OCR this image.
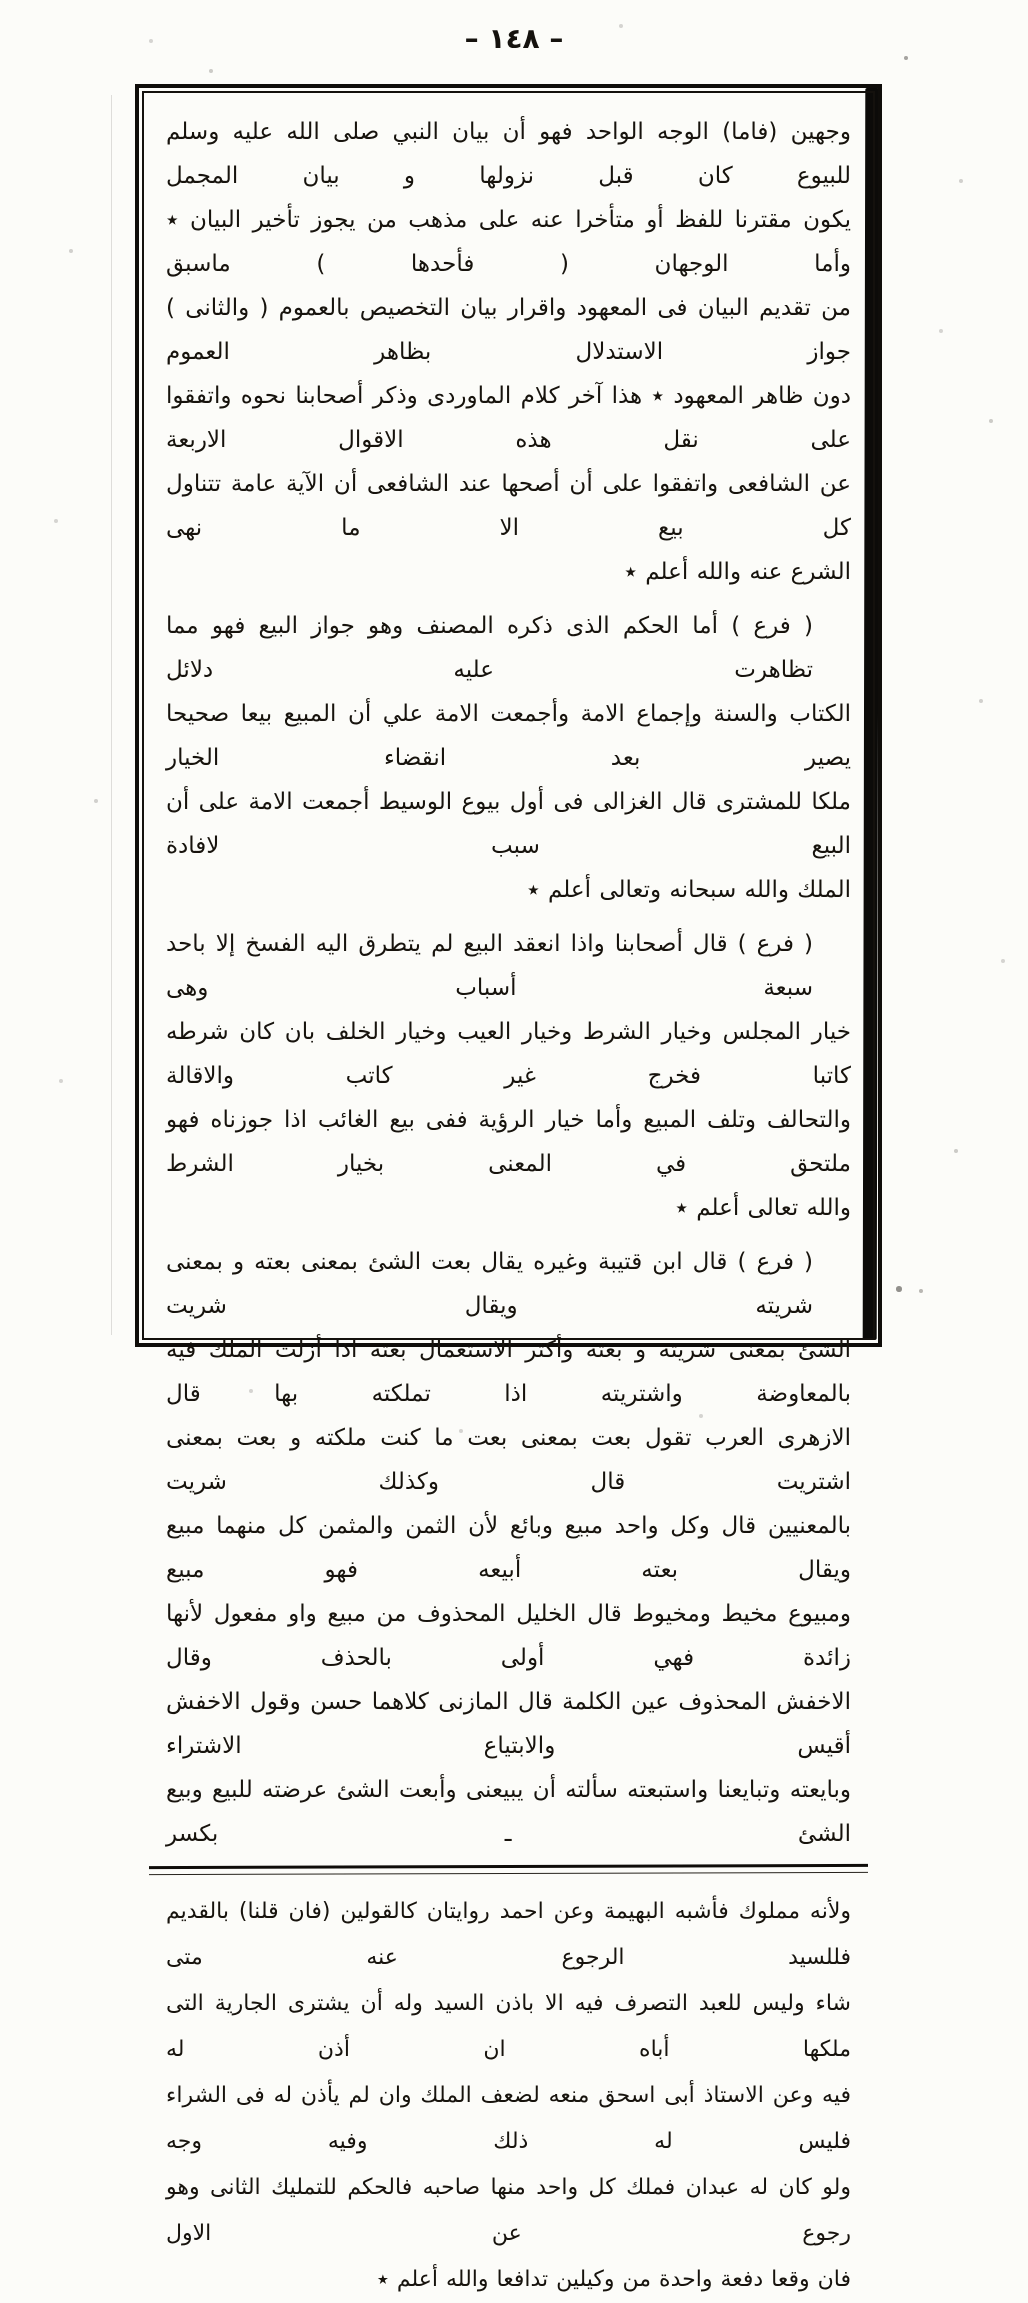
– ١٤٨ –
وجهين (فاما) الوجه الواحد فهو أن بيان النبي صلى الله عليه وسلم للبيوع كان قبل نزولها و بيان المجمل
يكون مقترنا للفظ أو متأخرا عنه على مذهب من يجوز تأخير البيان ٭ وأما الوجهان ( فأحدها ) ماسبق
من تقديم البيان فى المعهود واقرار بيان التخصيص بالعموم ( والثانى ) جواز الاستدلال بظاهر العموم
دون ظاهر المعهود ٭ هذا آخر كلام الماوردى وذكر أصحابنا نحوه واتفقوا على نقل هذه الاقوال الاربعة
عن الشافعى واتفقوا على أن أصحها عند الشافعى أن الآية عامة تتناول كل بيع الا ما نهى
الشرع عنه والله أعلم ٭
( فرع ) أما الحكم الذى ذكره المصنف وهو جواز البيع فهو مما تظاهرت عليه دلائل
الكتاب والسنة وإجماع الامة وأجمعت الامة علي أن المبيع بيعا صحيحا يصير بعد انقضاء الخيار
ملكا للمشترى قال الغزالى فى أول بيوع الوسيط أجمعت الامة على أن البيع سبب لافادة
الملك والله سبحانه وتعالى أعلم ٭
( فرع ) قال أصحابنا واذا انعقد البيع لم يتطرق اليه الفسخ إلا باحد سبعة أسباب وهى
خيار المجلس وخيار الشرط وخيار العيب وخيار الخلف بان كان شرطه كاتبا فخرج غير كاتب والاقالة
والتحالف وتلف المبيع وأما خيار الرؤية ففى بيع الغائب اذا جوزناه فهو ملتحق في المعنى بخيار الشرط
والله تعالى أعلم ٭
( فرع ) قال ابن قتيبة وغيره يقال بعت الشئ بمعنى بعته و بمعنى شريته ويقال شريت
الشئ بمعنى شريته و بعته وأكثر الاستعمال بعته اذا أزلت الملك فيه بالمعاوضة واشتريته اذا تملكته بها قال
الازهرى العرب تقول بعت بمعنى بعت ما كنت ملكته و بعت بمعنى اشتريت قال وكذلك شريت
بالمعنيين قال وكل واحد مبيع وبائع لأن الثمن والمثمن كل منهما مبيع ويقال بعته أبيعه فهو مبيع
ومبيوع مخيط ومخيوط قال الخليل المحذوف من مبيع واو مفعول لأنها زائدة فهي أولى بالحذف وقال
الاخفش المحذوف عين الكلمة قال المازنى كلاهما حسن وقول الاخفش أقيس والابتياع الاشتراء
وبايعته وتبايعنا واستبعته سألته أن يبيعنى وأبعت الشئ عرضته للبيع وبيع الشئ ـ بكسر
ولأنه مملوك فأشبه البهيمة وعن احمد روايتان كالقولين (فان قلنا) بالقديم فللسيد الرجوع عنه متى
شاء وليس للعبد التصرف فيه الا باذن السيد وله أن يشترى الجارية التى ملكها أباه ان أذن له
فيه وعن الاستاذ أبى اسحق منعه لضعف الملك وان لم يأذن له فى الشراء فليس له ذلك وفيه وجه
ولو كان له عبدان فملك كل واحد منها صاحبه فالحكم للتمليك الثانى وهو رجوع عن الاول
فان وقعا دفعة واحدة من وكيلين تدافعا والله أعلم ٭
